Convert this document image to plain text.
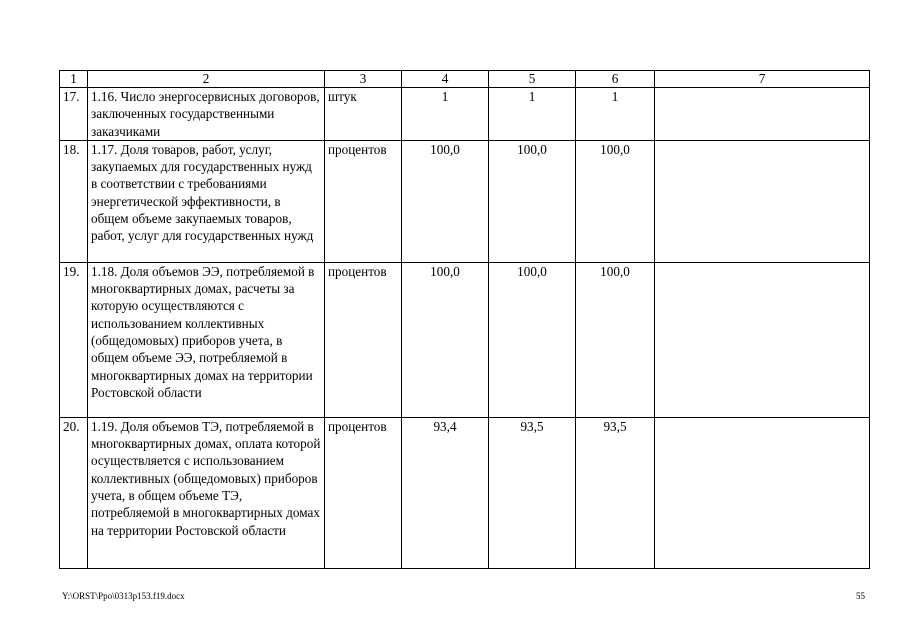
1	2	3	4	5	6	7
17.	1.16. Число энергосервисных договоров, заключенных государственными заказчиками	штук	1	1	1	
18.	1.17. Доля товаров, работ, услуг, закупаемых для государственных нужд в соответствии с требованиями энергетической эффективности, в общем объеме закупаемых товаров, работ, услуг для государственных нужд	процентов	100,0	100,0	100,0	
19.	1.18. Доля объемов ЭЭ, потребляемой в многоквартирных домах, расчеты за которую осуществляются с использованием коллективных (общедомовых) приборов учета, в общем объеме ЭЭ, потребляемой в многоквартирных домах на территории Ростовской области	процентов	100,0	100,0	100,0	
20.	1.19. Доля объемов ТЭ, потребляемой в многоквартирных домах, оплата которой осуществляется с использованием коллективных (общедомовых) приборов учета, в общем объеме ТЭ, потребляемой в многоквартирных домах на территории Ростовской области	процентов	93,4	93,5	93,5	
Y:\ORST\Ppo\0313p153.f19.docx	55
